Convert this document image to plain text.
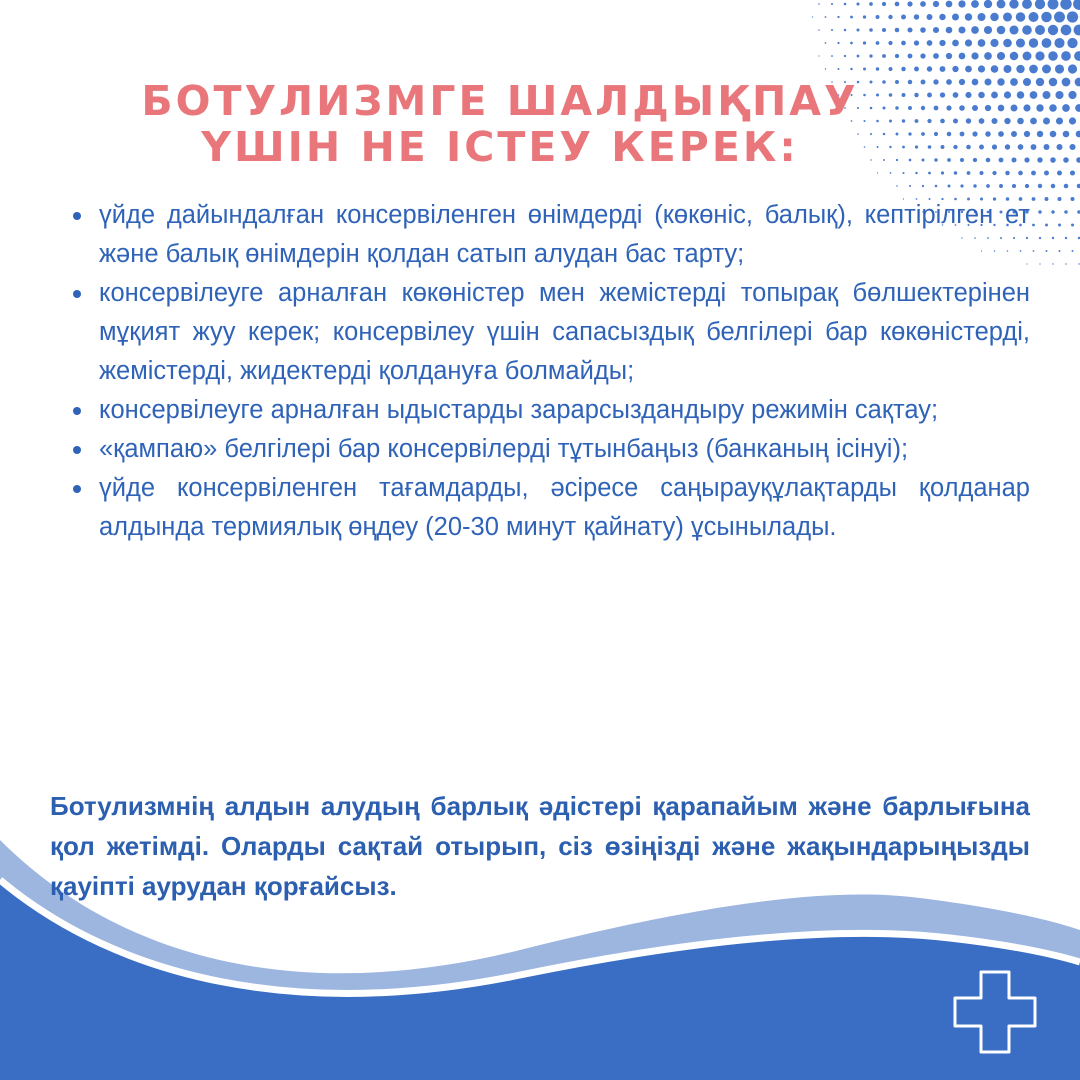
БОТУЛИЗМГЕ ШАЛДЫҚПАУ
ҮШІН НЕ ІСТЕУ КЕРЕК:
үйде дайындалған консервіленген өнімдерді (көкөніс, балық), кептірілген ет және балық өнімдерін қолдан сатып алудан бас тарту;
консервілеуге арналған көкөністер мен жемістерді топырақ бөлшектерінен мұқият жуу керек; консервілеу үшін сапасыздық белгілері бар көкөністерді, жемістерді, жидектерді қолдануға болмайды;
консервілеуге арналған ыдыстарды зарарсыздандыру режимін сақтау;
«қампаю» белгілері бар консервілерді тұтынбаңыз (банканың ісінуі);
үйде консервіленген тағамдарды, әсіресе саңырауқұлақтарды қолданар алдында термиялық өңдеу (20-30 минут қайнату) ұсынылады.

Ботулизмнің алдын алудың барлық әдістері қарапайым және барлығына қол жетімді. Оларды сақтай отырып, сіз өзіңізді және жақындарыңызды қауіпті аурудан қорғайсыз.
